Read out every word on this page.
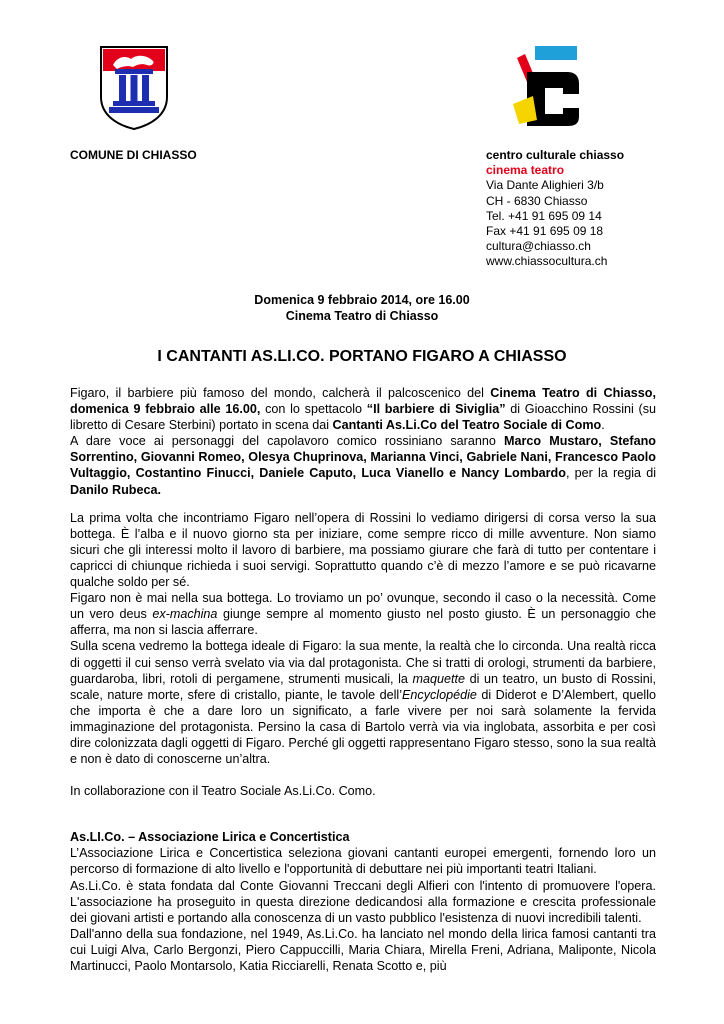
COMUNE DI CHIASSO	centro culturale chiasso
cinema teatro
Via Dante Alighieri 3/b
CH - 6830 Chiasso
Tel. +41 91 695 09 14
Fax +41 91 695 09 18
cultura@chiasso.ch
www.chiassocultura.ch
Domenica 9 febbraio 2014, ore 16.00
Cinema Teatro di Chiasso
I CANTANTI AS.LI.CO. PORTANO FIGARO A CHIASSO

Figaro, il barbiere più famoso del mondo, calcherà il palcoscenico del Cinema Teatro di Chiasso, domenica 9 febbraio alle 16.00, con lo spettacolo “Il barbiere di Siviglia” di Gioacchino Rossini (su libretto di Cesare Sterbini) portato in scena dai Cantanti As.Li.Co del Teatro Sociale di Como.

A dare voce ai personaggi del capolavoro comico rossiniano saranno Marco Mustaro, Stefano Sorrentino, Giovanni Romeo, Olesya Chuprinova, Marianna Vinci, Gabriele Nani, Francesco Paolo Vultaggio, Costantino Finucci, Daniele Caputo, Luca Vianello e Nancy Lombardo, per la regia di Danilo Rubeca.

La prima volta che incontriamo Figaro nell’opera di Rossini lo vediamo dirigersi di corsa verso la sua bottega. È l’alba e il nuovo giorno sta per iniziare, come sempre ricco di mille avventure. Non siamo sicuri che gli interessi molto il lavoro di barbiere, ma possiamo giurare che farà di tutto per contentare i capricci di chiunque richieda i suoi servigi. Soprattutto quando c’è di mezzo l’amore e se può ricavarne qualche soldo per sé.

Figaro non è mai nella sua bottega. Lo troviamo un po’ ovunque, secondo il caso o la necessità. Come un vero deus ex-machina giunge sempre al momento giusto nel posto giusto. È un personaggio che afferra, ma non si lascia afferrare.

Sulla scena vedremo la bottega ideale di Figaro: la sua mente, la realtà che lo circonda. Una realtà ricca di oggetti il cui senso verrà svelato via via dal protagonista. Che si tratti di orologi, strumenti da barbiere, guardaroba, libri, rotoli di pergamene, strumenti musicali, la maquette di un teatro, un busto di Rossini, scale, nature morte, sfere di cristallo, piante, le tavole dell’Encyclopédie di Diderot e D’Alembert, quello che importa è che a dare loro un significato, a farle vivere per noi sarà solamente la fervida immaginazione del protagonista. Persino la casa di Bartolo verrà via via inglobata, assorbita e per così dire colonizzata dagli oggetti di Figaro. Perché gli oggetti rappresentano Figaro stesso, sono la sua realtà e non è dato di conoscerne un’altra.

In collaborazione con il Teatro Sociale As.Li.Co. Como.

As.LI.Co. – Associazione Lirica e Concertistica

L’Associazione Lirica e Concertistica seleziona giovani cantanti europei emergenti, fornendo loro un percorso di formazione di alto livello e l'opportunità di debuttare nei più importanti teatri Italiani.

As.Li.Co. è stata fondata dal Conte Giovanni Treccani degli Alfieri con l'intento di promuovere l'opera. L'associazione ha proseguito in questa direzione dedicandosi alla formazione e crescita professionale dei giovani artisti e portando alla conoscenza di un vasto pubblico l'esistenza di nuovi incredibili talenti.

Dall'anno della sua fondazione, nel 1949, As.Li.Co. ha lanciato nel mondo della lirica famosi cantanti tra cui Luigi Alva, Carlo Bergonzi, Piero Cappuccilli, Maria Chiara, Mirella Freni, Adriana, Maliponte, Nicola Martinucci, Paolo Montarsolo, Katia Ricciarelli, Renata Scotto e, più
